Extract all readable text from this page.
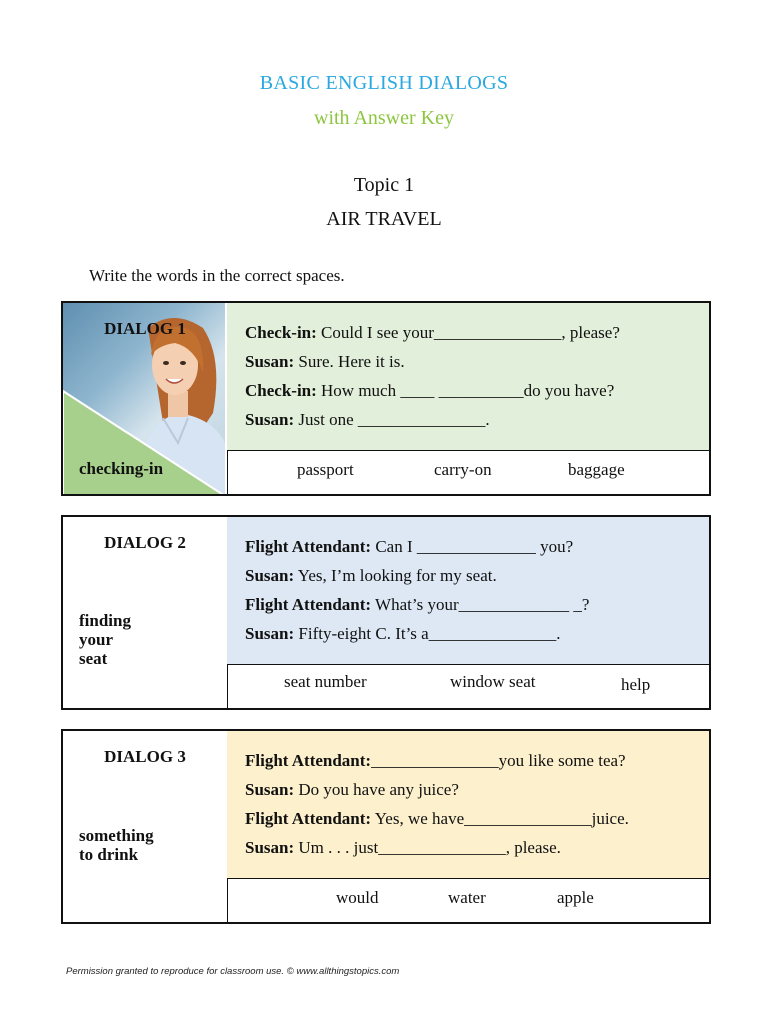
BASIC ENGLISH DIALOGS
with Answer Key
Topic 1
AIR TRAVEL
Write the words in the correct spaces.
DIALOG 1
checking-in
Check-in: Could I see your_______________, please?
Susan: Sure. Here it is.
Check-in: How much ____ __________do you have?
Susan: Just one _______________.
passport	carry-on	baggage
DIALOG 2
finding
your
seat
Flight Attendant: Can I ______________ you?
Susan: Yes, I’m looking for my seat.
Flight Attendant: What’s your_____________ _?
Susan: Fifty-eight C. It’s a_______________.
seat number	window seat	help
DIALOG 3
something
to drink
Flight Attendant:_______________you like some tea?
Susan: Do you have any juice?
Flight Attendant: Yes, we have_______________juice.
Susan: Um . . . just_______________, please.
would	water	apple
Permission granted to reproduce for classroom use. © www.allthingstopics.com
